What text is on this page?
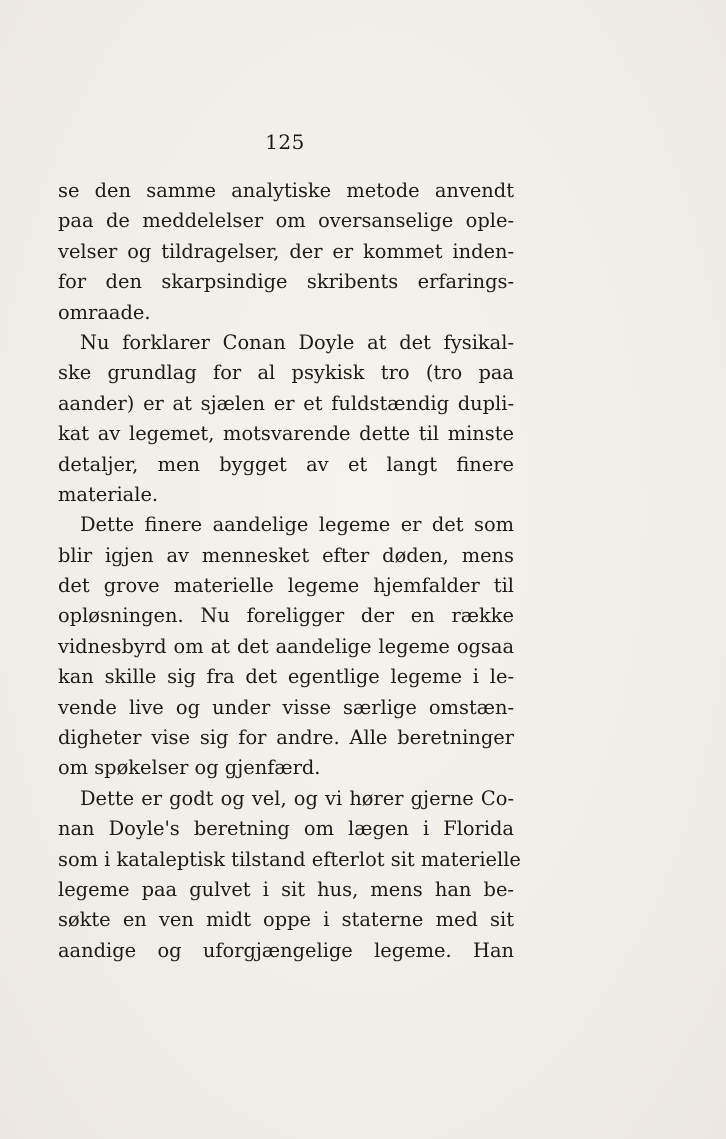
125
se den samme analytiske metode anvendt
paa de meddelelser om oversanselige ople-
velser og tildragelser, der er kommet inden-
for den skarpsindige skribents erfarings-
omraade.
Nu forklarer Conan Doyle at det fysikal-
ske grundlag for al psykisk tro (tro paa
aander) er at sjælen er et fuldstændig dupli-
kat av legemet, motsvarende dette til minste
detaljer, men bygget av et langt finere
materiale.
Dette finere aandelige legeme er det som
blir igjen av mennesket efter døden, mens
det grove materielle legeme hjemfalder til
opløsningen. Nu foreligger der en række
vidnesbyrd om at det aandelige legeme ogsaa
kan skille sig fra det egentlige legeme i le-
vende live og under visse særlige omstæn-
digheter vise sig for andre. Alle beretninger
om spøkelser og gjenfærd.
Dette er godt og vel, og vi hører gjerne Co-
nan Doyle's beretning om lægen i Florida
som i kataleptisk tilstand efterlot sit materielle
legeme paa gulvet i sit hus, mens han be-
søkte en ven midt oppe i staterne med sit
aandige og uforgjængelige legeme. Han
